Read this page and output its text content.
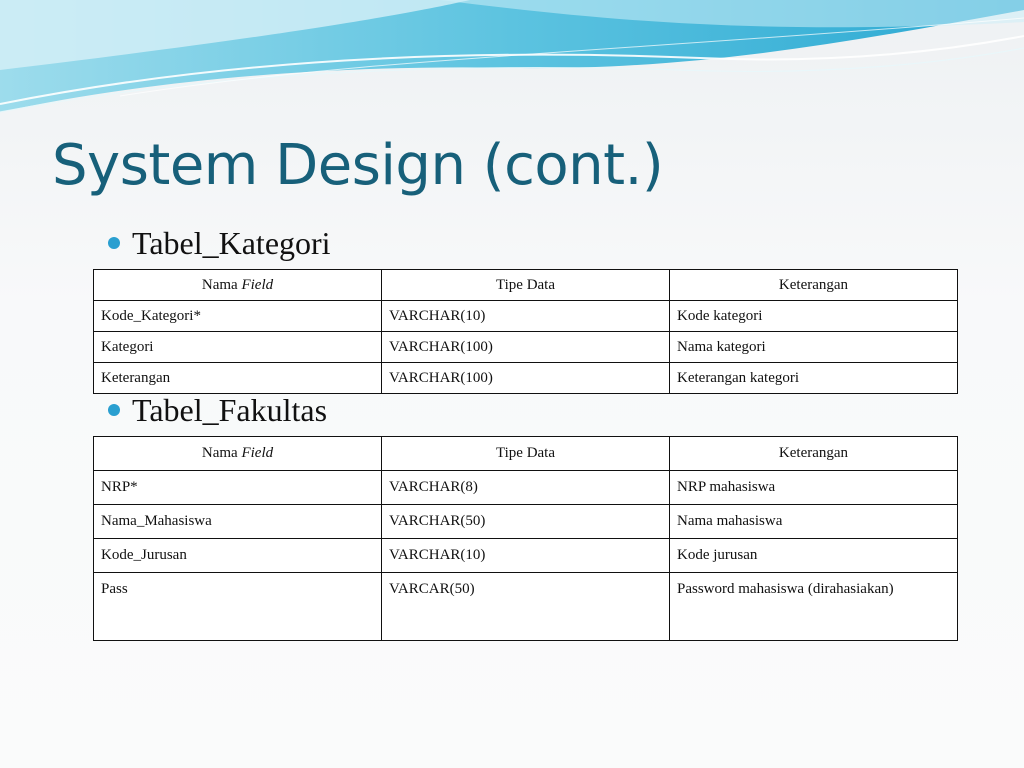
System Design (cont.)
Tabel_Kategori
Nama Field	Tipe Data	Keterangan
Kode_Kategori*	VARCHAR(10)	Kode kategori
Kategori	VARCHAR(100)	Nama kategori
Keterangan	VARCHAR(100)	Keterangan kategori
Tabel_Fakultas
Nama Field	Tipe Data	Keterangan
NRP*	VARCHAR(8)	NRP mahasiswa
Nama_Mahasiswa	VARCHAR(50)	Nama mahasiswa
Kode_Jurusan	VARCHAR(10)	Kode jurusan
Pass	VARCAR(50)	Password mahasiswa (dirahasiakan)
